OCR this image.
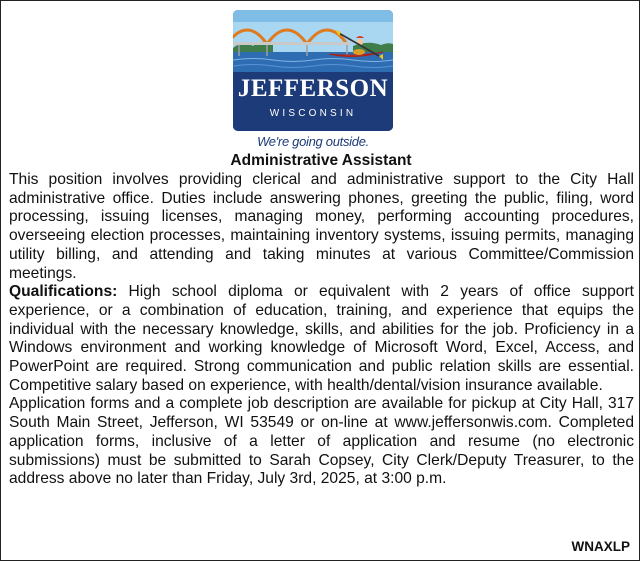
JEFFERSON
WISCONSIN
We're going outside.
Administrative Assistant

This position involves providing clerical and administrative support to the City Hall administrative office. Duties include answering phones, greeting the public, filing, word processing, issuing licenses, managing money, performing accounting procedures, overseeing election processes, maintaining inventory systems, issuing permits, managing utility billing, and attending and taking minutes at various Committee/Commission meetings.

Qualifications: High school diploma or equivalent with 2 years of office support experience, or a combination of education, training, and experience that equips the individual with the necessary knowledge, skills, and abilities for the job. Proficiency in a Windows environment and working knowledge of Microsoft Word, Excel, Access, and PowerPoint are required. Strong communication and public relation skills are essential. Competitive salary based on experience, with health/dental/vision insurance available.

Application forms and a complete job description are available for pickup at City Hall, 317 South Main Street, Jefferson, WI 53549 or on-line at www.jeffersonwis.com. Completed application forms, inclusive of a letter of application and resume (no electronic submissions) must be submitted to Sarah Copsey, City Clerk/Deputy Treasurer, to the address above no later than Friday, July 3rd, 2025, at 3:00 p.m.

WNAXLP
